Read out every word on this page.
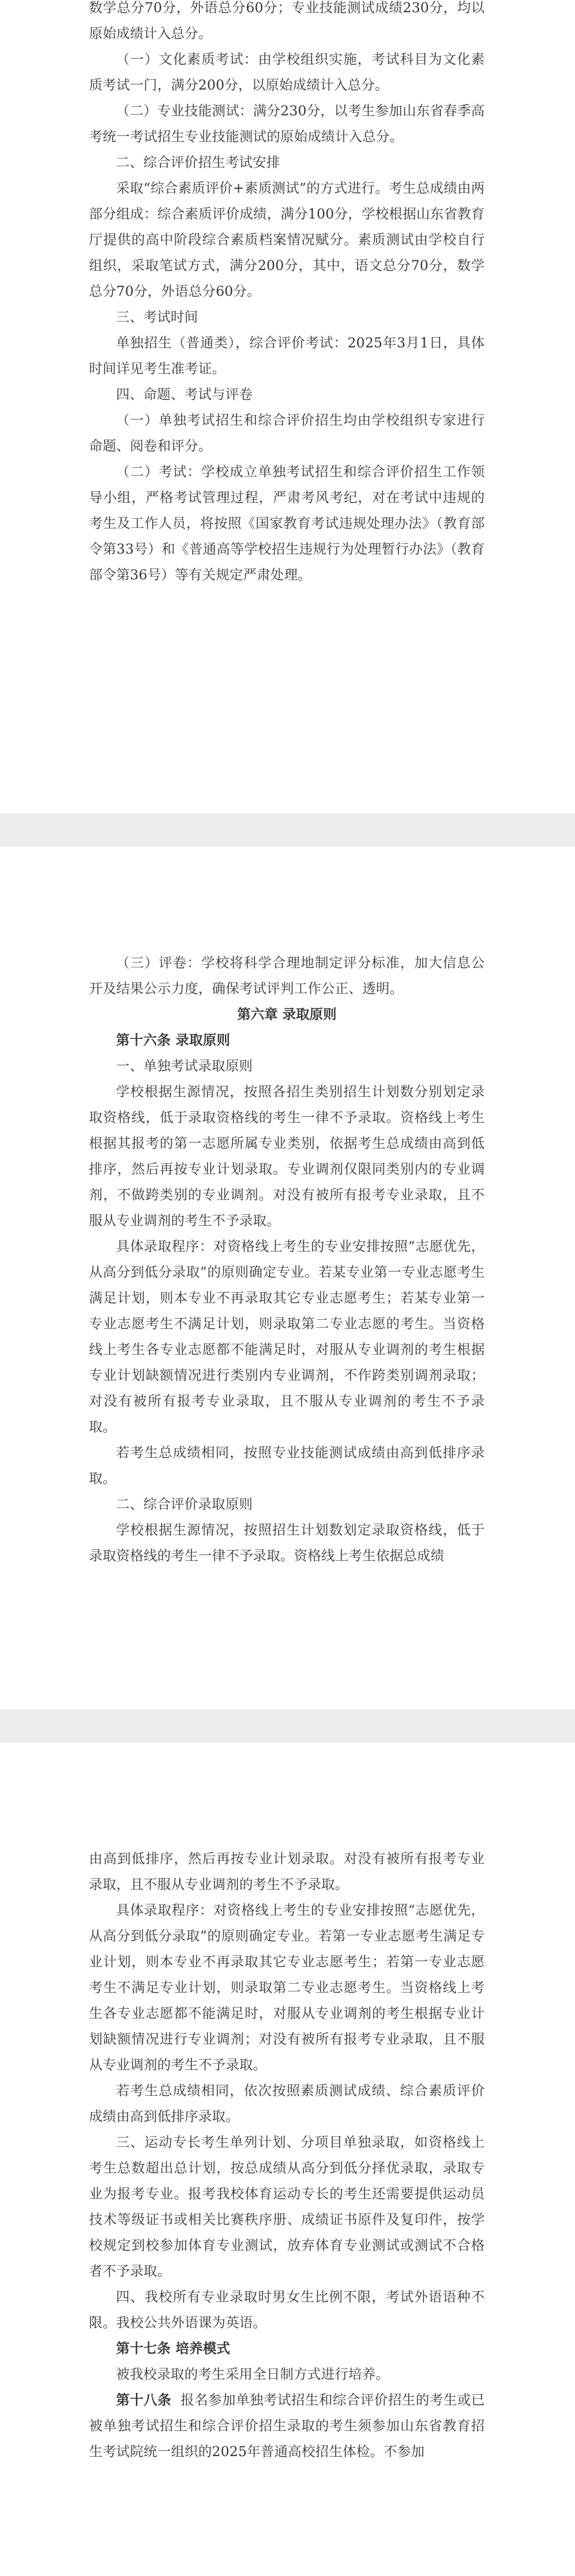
数学总分70分，外语总分60分；专业技能测试成绩230分，均以原始成绩计入总分。

（一）文化素质考试：由学校组织实施，考试科目为文化素质考试一门，满分200分，以原始成绩计入总分。

（二）专业技能测试：满分230分，以考生参加山东省春季高考统一考试招生专业技能测试的原始成绩计入总分。

二、综合评价招生考试安排

采取“综合素质评价+素质测试”的方式进行。考生总成绩由两部分组成：综合素质评价成绩，满分100分，学校根据山东省教育厅提供的高中阶段综合素质档案情况赋分。素质测试由学校自行组织，采取笔试方式，满分200分，其中，语文总分70分，数学总分70分，外语总分60分。

三、考试时间

单独招生（普通类），综合评价考试：2025年3月1日，具体时间详见考生准考证。

四、命题、考试与评卷

（一）单独考试招生和综合评价招生均由学校组织专家进行命题、阅卷和评分。

（二）考试：学校成立单独考试招生和综合评价招生工作领导小组，严格考试管理过程，严肃考风考纪，对在考试中违规的考生及工作人员，将按照《国家教育考试违规处理办法》（教育部令第33号）和《普通高等学校招生违规行为处理暂行办法》（教育部令第36号）等有关规定严肃处理。

（三）评卷：学校将科学合理地制定评分标准，加大信息公开及结果公示力度，确保考试评判工作公正、透明。

第六章 录取原则

第十六条 录取原则

一、单独考试录取原则

学校根据生源情况，按照各招生类别招生计划数分别划定录取资格线，低于录取资格线的考生一律不予录取。资格线上考生根据其报考的第一志愿所属专业类别，依据考生总成绩由高到低排序，然后再按专业计划录取。专业调剂仅限同类别内的专业调剂，不做跨类别的专业调剂。对没有被所有报考专业录取，且不服从专业调剂的考生不予录取。

具体录取程序：对资格线上考生的专业安排按照“志愿优先，从高分到低分录取”的原则确定专业。若某专业第一专业志愿考生满足计划，则本专业不再录取其它专业志愿考生；若某专业第一专业志愿考生不满足计划，则录取第二专业志愿的考生。当资格线上考生各专业志愿都不能满足时，对服从专业调剂的考生根据专业计划缺额情况进行类别内专业调剂，不作跨类别调剂录取；对没有被所有报考专业录取，且不服从专业调剂的考生不予录取。

若考生总成绩相同，按照专业技能测试成绩由高到低排序录取。

二、综合评价录取原则

学校根据生源情况，按照招生计划数划定录取资格线，低于录取资格线的考生一律不予录取。资格线上考生依据总成绩

由高到低排序，然后再按专业计划录取。对没有被所有报考专业录取，且不服从专业调剂的考生不予录取。

具体录取程序：对资格线上考生的专业安排按照“志愿优先，从高分到低分录取”的原则确定专业。若第一专业志愿考生满足专业计划，则本专业不再录取其它专业志愿考生；若第一专业志愿考生不满足专业计划，则录取第二专业志愿考生。当资格线上考生各专业志愿都不能满足时，对服从专业调剂的考生根据专业计划缺额情况进行专业调剂；对没有被所有报考专业录取，且不服从专业调剂的考生不予录取。

若考生总成绩相同，依次按照素质测试成绩、综合素质评价成绩由高到低排序录取。

三、运动专长考生单列计划、分项目单独录取，如资格线上考生总数超出总计划，按总成绩从高分到低分择优录取，录取专业为报考专业。报考我校体育运动专长的考生还需要提供运动员技术等级证书或相关比赛秩序册、成绩证书原件及复印件，按学校规定到校参加体育专业测试，放弃体育专业测试或测试不合格者不予录取。

四、我校所有专业录取时男女生比例不限，考试外语语种不限。我校公共外语课为英语。

第十七条 培养模式

被我校录取的考生采用全日制方式进行培养。

第十八条 报名参加单独考试招生和综合评价招生的考生或已被单独考试招生和综合评价招生录取的考生须参加山东省教育招生考试院统一组织的2025年普通高校招生体检。不参加
